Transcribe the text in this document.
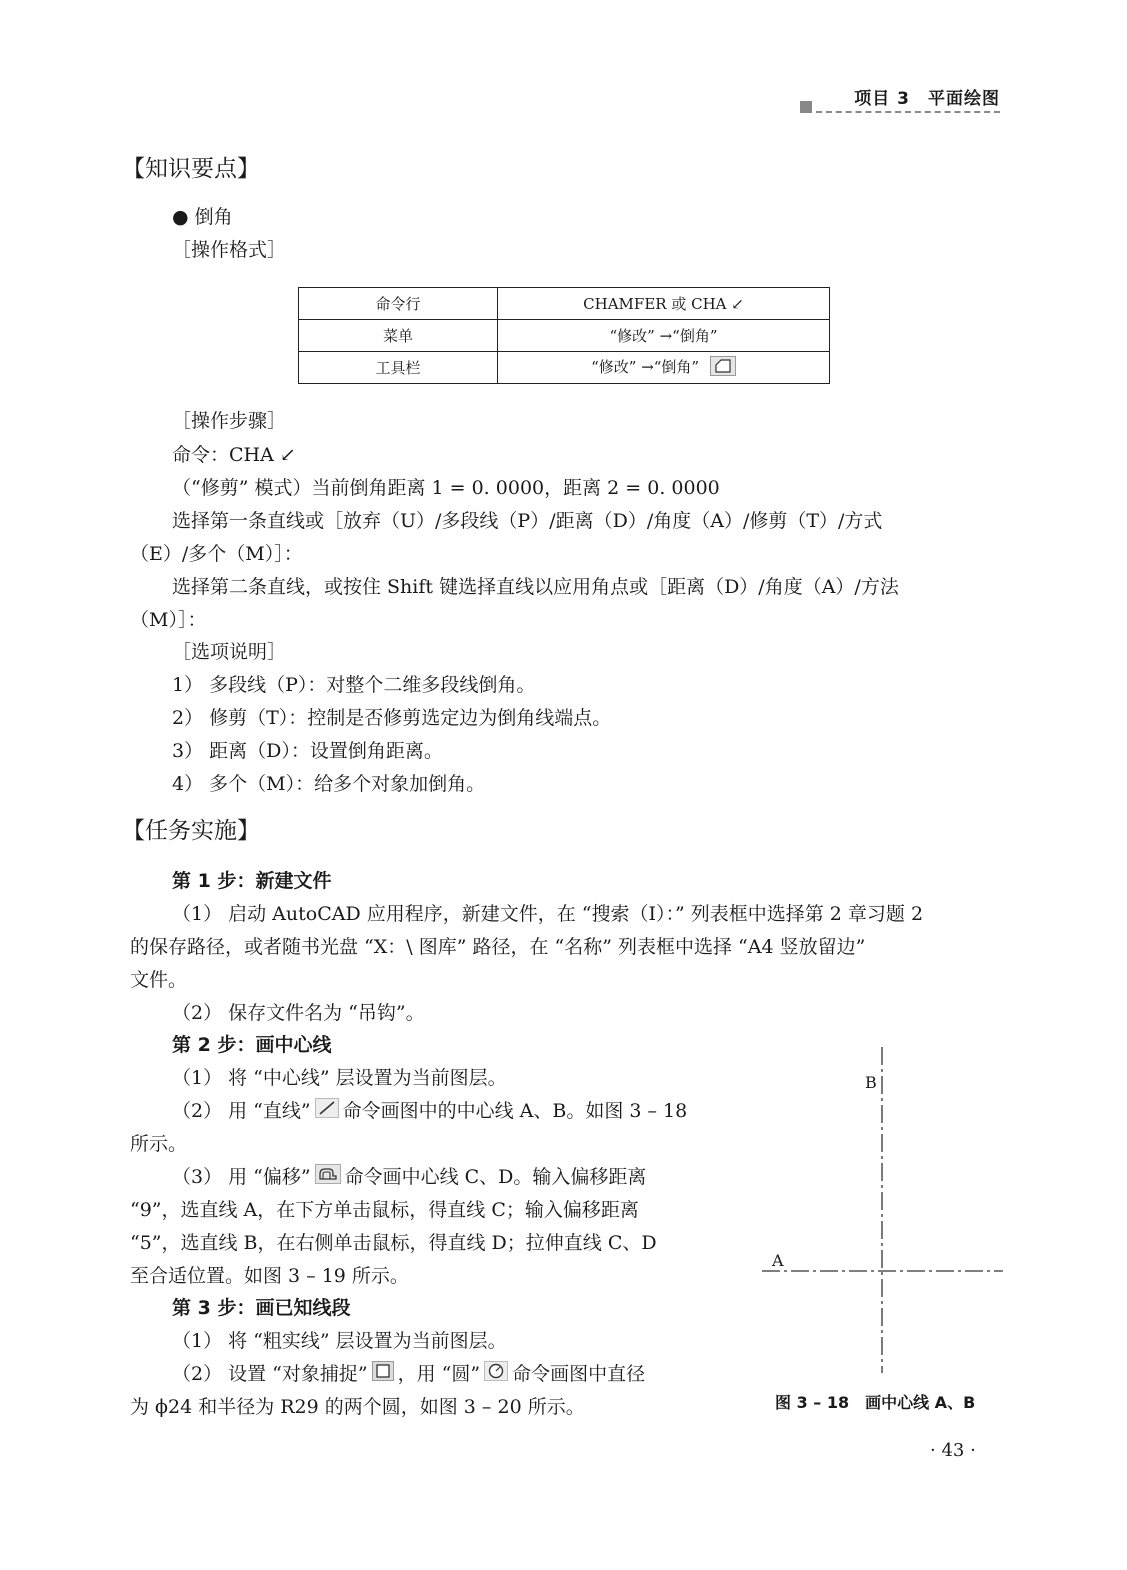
项目 3　平面绘图
【知识要点】
● 倒角
［操作格式］
命令行	CHAMFER 或 CHA ↙
菜单	“修改” →“倒角”
工具栏	“修改” →“倒角”
［操作步骤］
命令：CHA ↙
（“修剪” 模式）当前倒角距离 1 = 0. 0000，距离 2 = 0. 0000
选择第一条直线或［放弃（U）/多段线（P）/距离（D）/角度（A）/修剪（T）/方式
（E）/多个（M）］：
选择第二条直线，或按住 Shift 键选择直线以应用角点或［距离（D）/角度（A）/方法
（M）］：
［选项说明］
1） 多段线（P）：对整个二维多段线倒角。
2） 修剪（T）：控制是否修剪选定边为倒角线端点。
3） 距离（D）：设置倒角距离。
4） 多个（M）：给多个对象加倒角。
【任务实施】
第 1 步：新建文件
（1） 启动 AutoCAD 应用程序，新建文件，在 “搜索（I）：” 列表框中选择第 2 章习题 2
的保存路径，或者随书光盘 “X：\ 图库” 路径，在 “名称” 列表框中选择 “A4 竖放留边”
文件。
（2） 保存文件名为 “吊钩”。
第 2 步：画中心线
（1） 将 “中心线” 层设置为当前图层。
（2） 用 “直线” 命令画图中的中心线 A、B。如图 3 – 18
所示。
（3） 用 “偏移” 命令画中心线 C、D。输入偏移距离
“9”，选直线 A，在下方单击鼠标，得直线 C；输入偏移距离
“5”，选直线 B，在右侧单击鼠标，得直线 D；拉伸直线 C、D
至合适位置。如图 3 – 19 所示。
第 3 步：画已知线段
（1） 将 “粗实线” 层设置为当前图层。
（2） 设置 “对象捕捉” ，用 “圆” 命令画图中直径
为 ϕ24 和半径为 R29 的两个圆，如图 3 – 20 所示。
B
A
图 3 – 18　画中心线 A、B
· 43 ·
